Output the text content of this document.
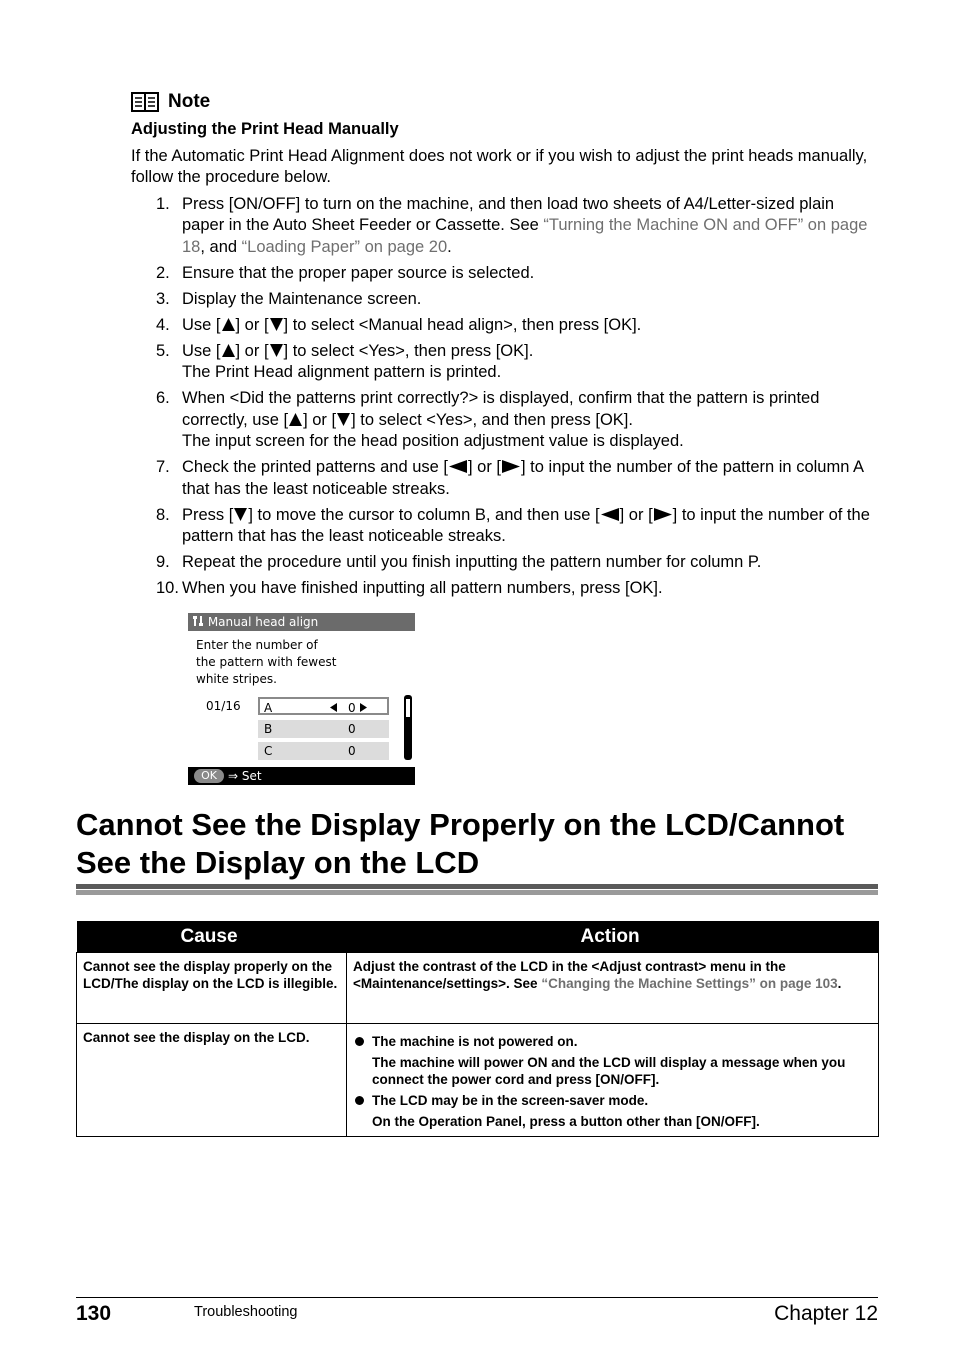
Note
Adjusting the Print Head Manually
If the Automatic Print Head Alignment does not work or if you wish to adjust the print heads manually, follow the procedure below.
1. Press [ON/OFF] to turn on the machine, and then load two sheets of A4/Letter-sized plain paper in the Auto Sheet Feeder or Cassette. See “Turning the Machine ON and OFF” on page 18, and “Loading Paper” on page 20.
2. Ensure that the proper paper source is selected.
3. Display the Maintenance screen.
4. Use [ ] or [ ] to select <Manual head align>, then press [OK].
5. Use [ ] or [ ] to select <Yes>, then press [OK].
The Print Head alignment pattern is printed.
6. When <Did the patterns print correctly?> is displayed, confirm that the pattern is printed correctly, use [ ] or [ ] to select <Yes>, and then press [OK].
The input screen for the head position adjustment value is displayed.
7. Check the printed patterns and use [ ] or [ ] to input the number of the pattern in column A that has the least noticeable streaks.
8. Press [ ] to move the cursor to column B, and then use [ ] or [ ] to input the number of the pattern that has the least noticeable streaks.
9. Repeat the procedure until you finish inputting the pattern number for column P.
10. When you have finished inputting all pattern numbers, press [OK].
Manual head align
Enter the number of
the pattern with fewest
white stripes.
01/16 A	0
B	0
C	0
OK ⇒ Set
Cannot See the Display Properly on the LCD/Cannot
See the Display on the LCD
Cause	Action
Cannot see the display properly on the LCD/The display on the LCD is illegible.	Adjust the contrast of the LCD in the <Adjust contrast> menu in the <Maintenance/settings>. See “Changing the Machine Settings” on page 103.
Cannot see the display on the LCD.	The machine is not powered on.
The machine will power ON and the LCD will display a message when you connect the power cord and press [ON/OFF].
The LCD may be in the screen-saver mode.
On the Operation Panel, press a button other than [ON/OFF].
130	Troubleshooting	Chapter 12
